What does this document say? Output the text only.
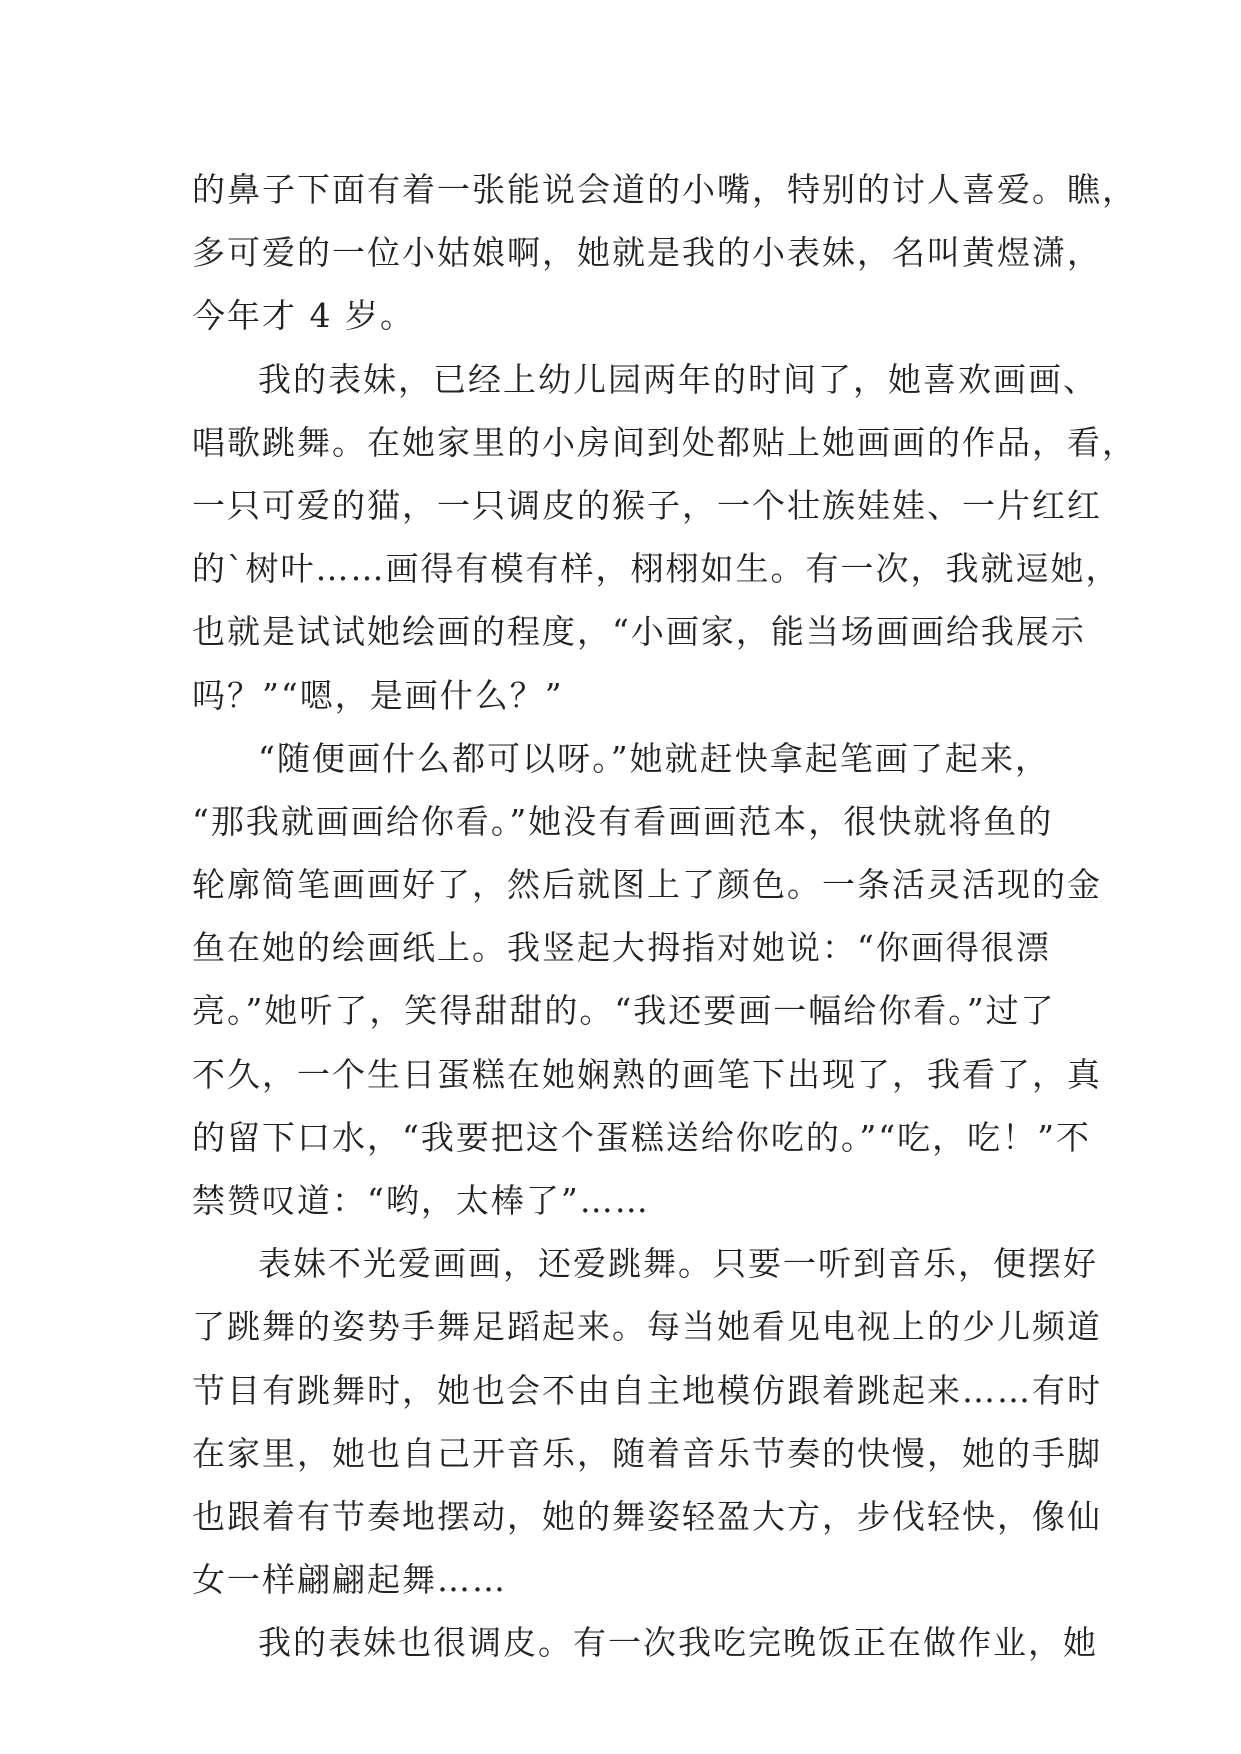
的鼻子下面有着一张能说会道的小嘴，特别的讨人喜爱。瞧，
多可爱的一位小姑娘啊，她就是我的小表妹，名叫黄煜潇，
今年才 4 岁。
我的表妹，已经上幼儿园两年的时间了，她喜欢画画、
唱歌跳舞。在她家里的小房间到处都贴上她画画的作品，看，
一只可爱的猫，一只调皮的猴子，一个壮族娃娃、一片红红
的`树叶……画得有模有样，栩栩如生。有一次，我就逗她，
也就是试试她绘画的程度，“小画家，能当场画画给我展示
吗？”“嗯，是画什么？”
“随便画什么都可以呀。”她就赶快拿起笔画了起来，
“那我就画画给你看。”她没有看画画范本，很快就将鱼的
轮廓简笔画画好了，然后就图上了颜色。一条活灵活现的金
鱼在她的绘画纸上。我竖起大拇指对她说：“你画得很漂
亮。”她听了，笑得甜甜的。“我还要画一幅给你看。”过了
不久，一个生日蛋糕在她娴熟的画笔下出现了，我看了，真
的留下口水，“我要把这个蛋糕送给你吃的。”“吃，吃！”不
禁赞叹道：“哟，太棒了”……
表妹不光爱画画，还爱跳舞。只要一听到音乐，便摆好
了跳舞的姿势手舞足蹈起来。每当她看见电视上的少儿频道
节目有跳舞时，她也会不由自主地模仿跟着跳起来……有时
在家里，她也自己开音乐，随着音乐节奏的快慢，她的手脚
也跟着有节奏地摆动，她的舞姿轻盈大方，步伐轻快，像仙
女一样翩翩起舞……
我的表妹也很调皮。有一次我吃完晚饭正在做作业，她
